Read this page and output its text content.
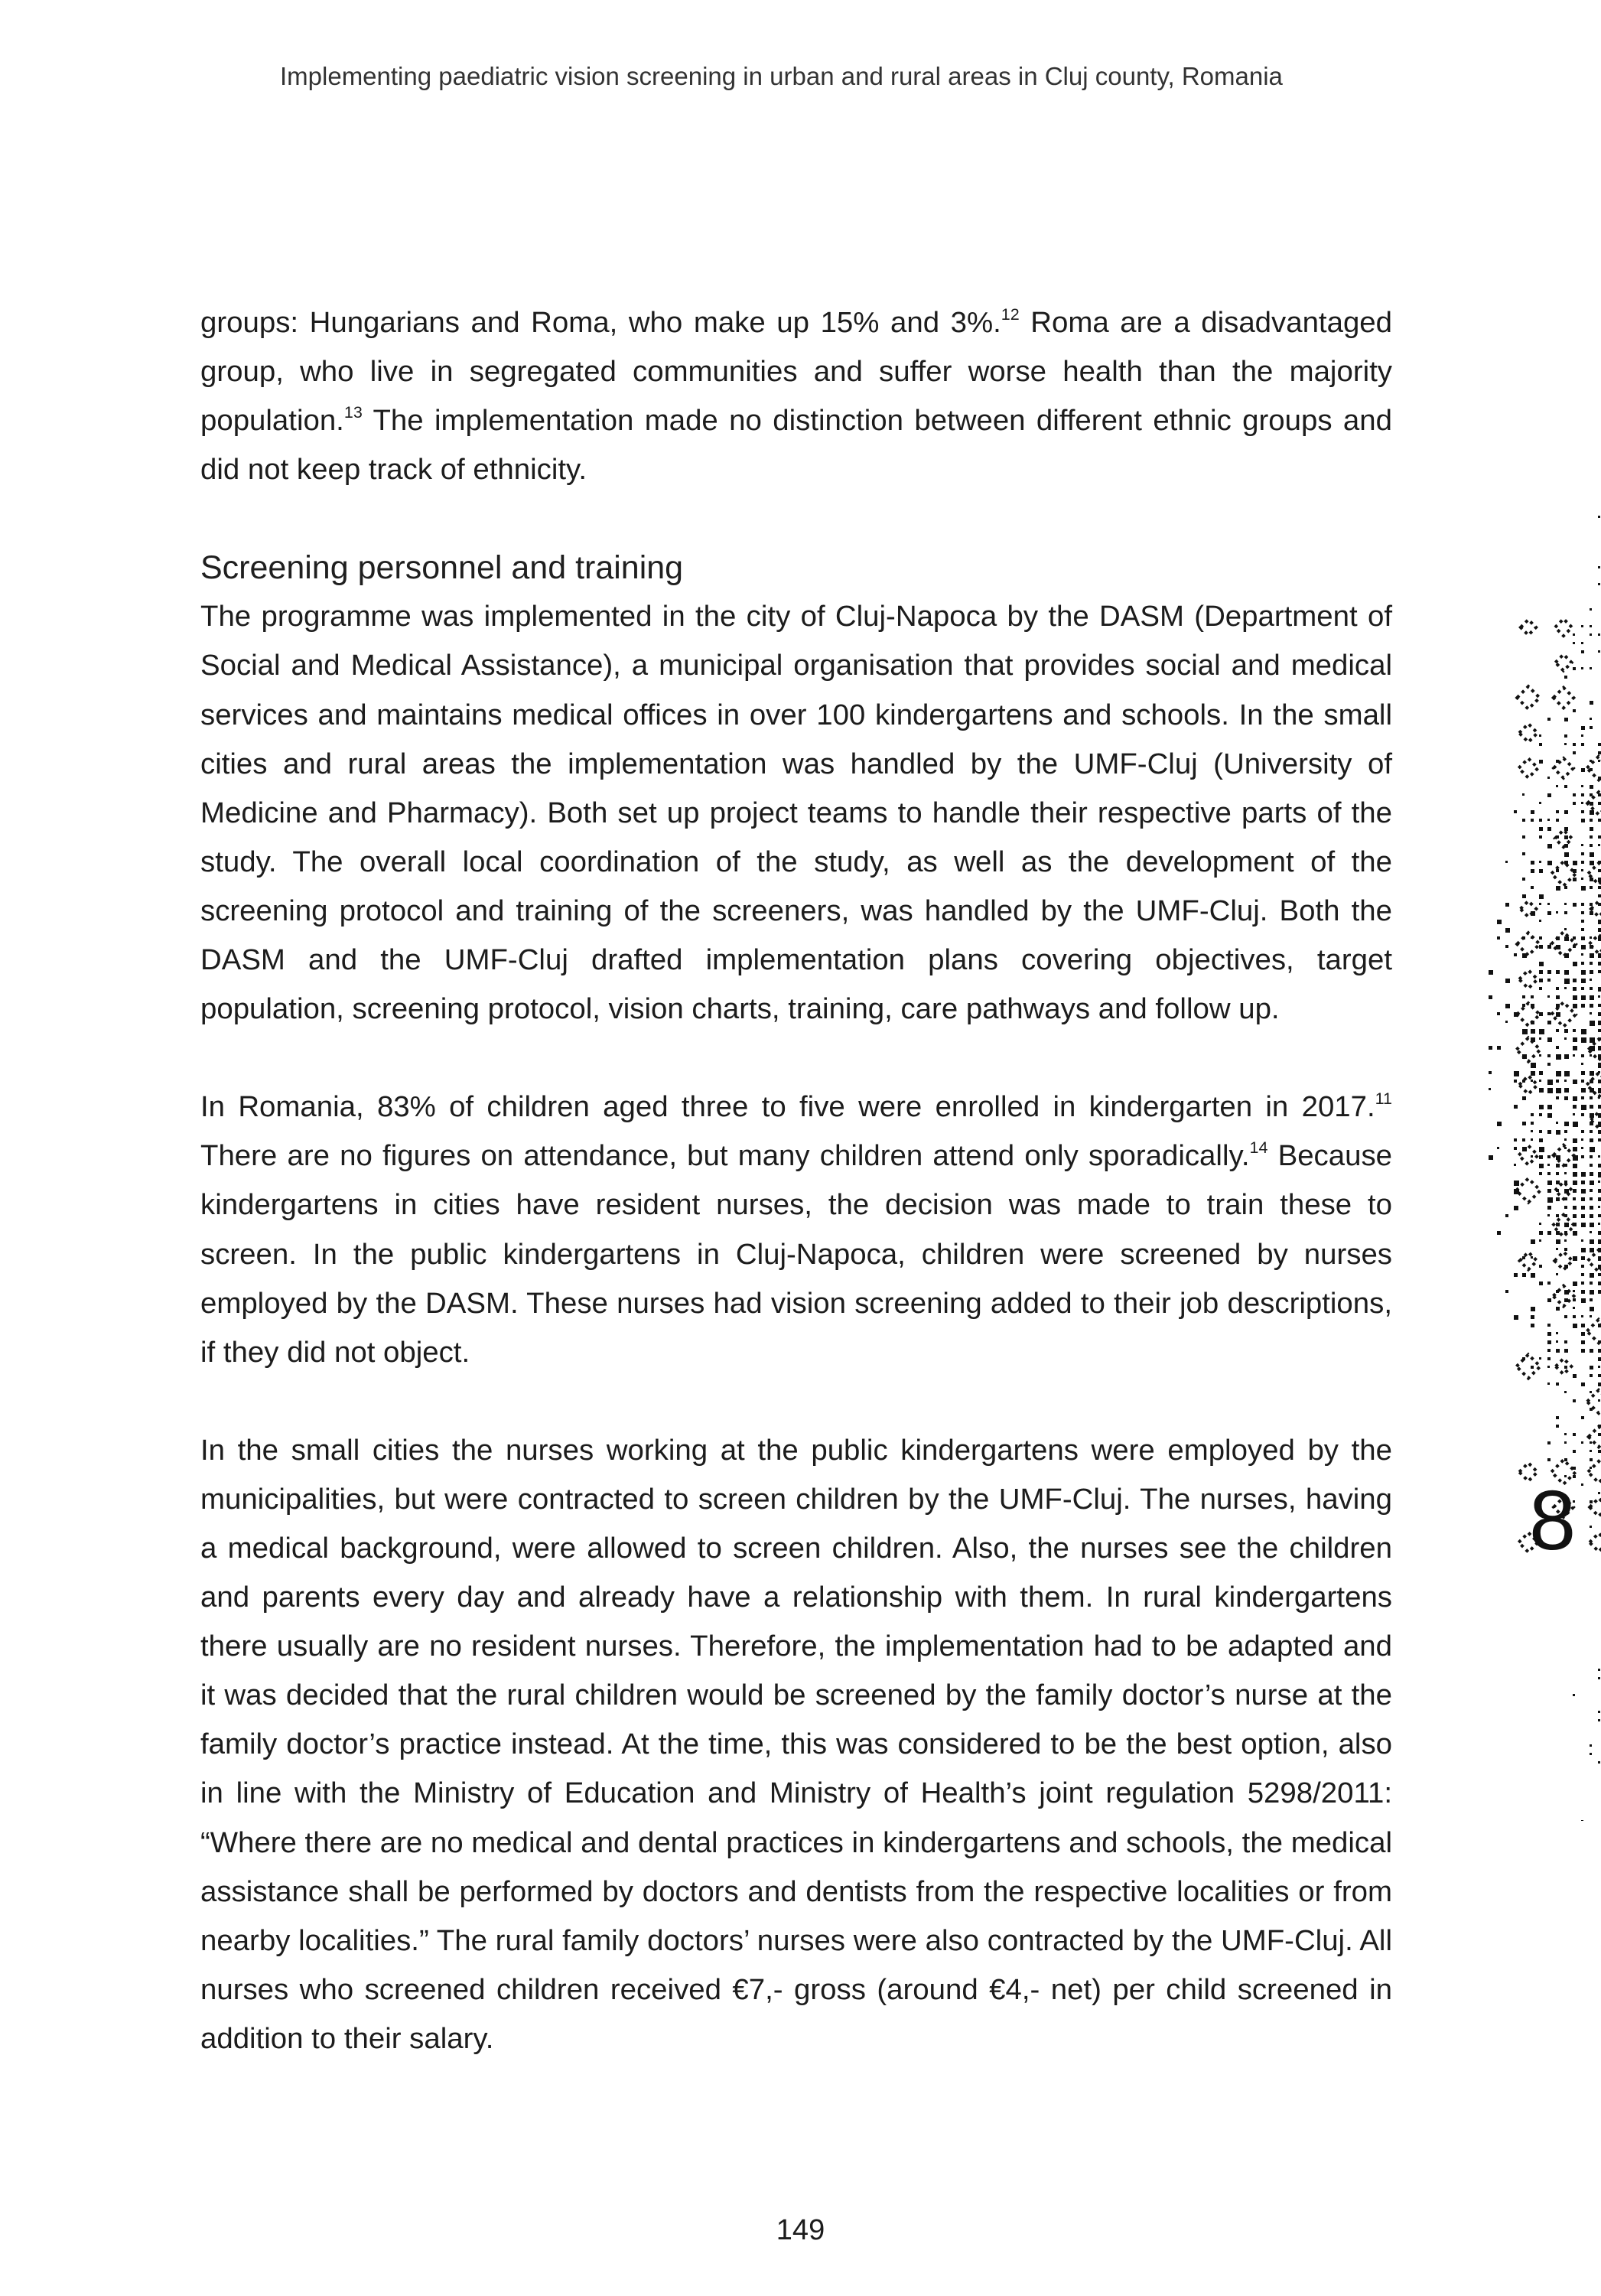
Implementing paediatric vision screening in urban and rural areas in Cluj county, Romania

groups: Hungarians and Roma, who make up 15% and 3%.$^{12}$ Roma are a disadvantaged group, who live in segregated communities and suffer worse health than the majority population.$^{13}$ The implementation made no distinction between different ethnic groups and did not keep track of ethnicity.

Screening personnel and training

The programme was implemented in the city of Cluj-Napoca by the DASM (Department of Social and Medical Assistance), a municipal organisation that provides social and medical services and maintains medical offices in over 100 kindergartens and schools. In the small cities and rural areas the implementation was handled by the UMF-Cluj (University of Medicine and Pharmacy). Both set up project teams to handle their respective parts of the study. The overall local coordination of the study, as well as the development of the screening protocol and training of the screeners, was handled by the UMF-Cluj. Both the DASM and the UMF-Cluj drafted implementation plans covering objectives, target population, screening protocol, vision charts, training, care pathways and follow up.

In Romania, 83% of children aged three to five were enrolled in kindergarten in 2017.11 There are no figures on attendance, but many children attend only sporadically.$^{14}$ Because kindergartens in cities have resident nurses, the decision was made to train these to screen. In the public kindergartens in Cluj-Napoca, children were screened by nurses employed by the DASM. These nurses had vision screening added to their job descriptions, if they did not object.

In the small cities the nurses working at the public kindergartens were employed by the municipalities, but were contracted to screen children by the UMF-Cluj. The nurses, having a medical background, were allowed to screen children. Also, the nurses see the children and parents every day and already have a relationship with them. In rural kindergartens there usually are no resident nurses. Therefore, the implementation had to be adapted and it was decided that the rural children would be screened by the family doctor’s nurse at the family doctor’s practice instead. At the time, this was considered to be the best option, also in line with the Ministry of Education and Ministry of Health’s joint regulation 5298/2011: “Where there are no medical and dental practices in kindergartens and schools, the medical assistance shall be performed by doctors and dentists from the respective localities or from nearby localities.” The rural family doctors’ nurses were also contracted by the UMF-Cluj. All nurses who screened children received €7,- gross (around €4,- net) per child screened in addition to their salary.

8
149
